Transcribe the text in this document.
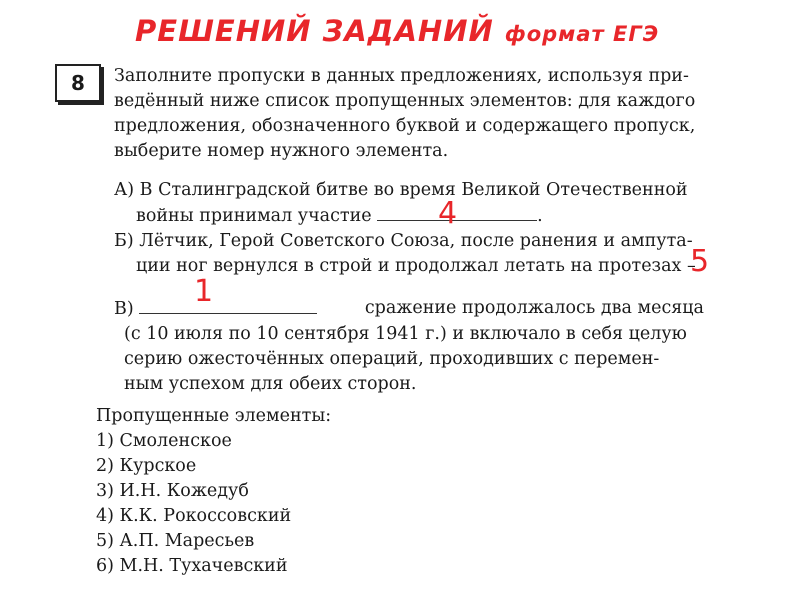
РЕШЕНИЙ ЗАДАНИЙ формат ЕГЭ
8 Заполните пропуски в данных предложениях, используя при-
ведённый ниже список пропущенных элементов: для каждого
предложения, обозначенного буквой и содержащего пропуск,
выберите номер нужного элемента.
А) В Сталинградской битве во время Великой Отечественной
войны принимал участие	.
Б) Лётчик, Герой Советского Союза, после ранения и ампута-
ции ног вернулся в строй и продолжал летать на протезах –
В)	сражение продолжалось два месяца
(с 10 июля по 10 сентября 1941 г.) и включало в себя целую
серию ожесточённых операций, проходивших с перемен-
ным успехом для обеих сторон.
Пропущенные элементы:
1) Смоленское
2) Курское
3) И.Н. Кожедуб
4) К.К. Рокоссовский
5) А.П. Маресьев
6) М.Н. Тухачевский
4
5
1
